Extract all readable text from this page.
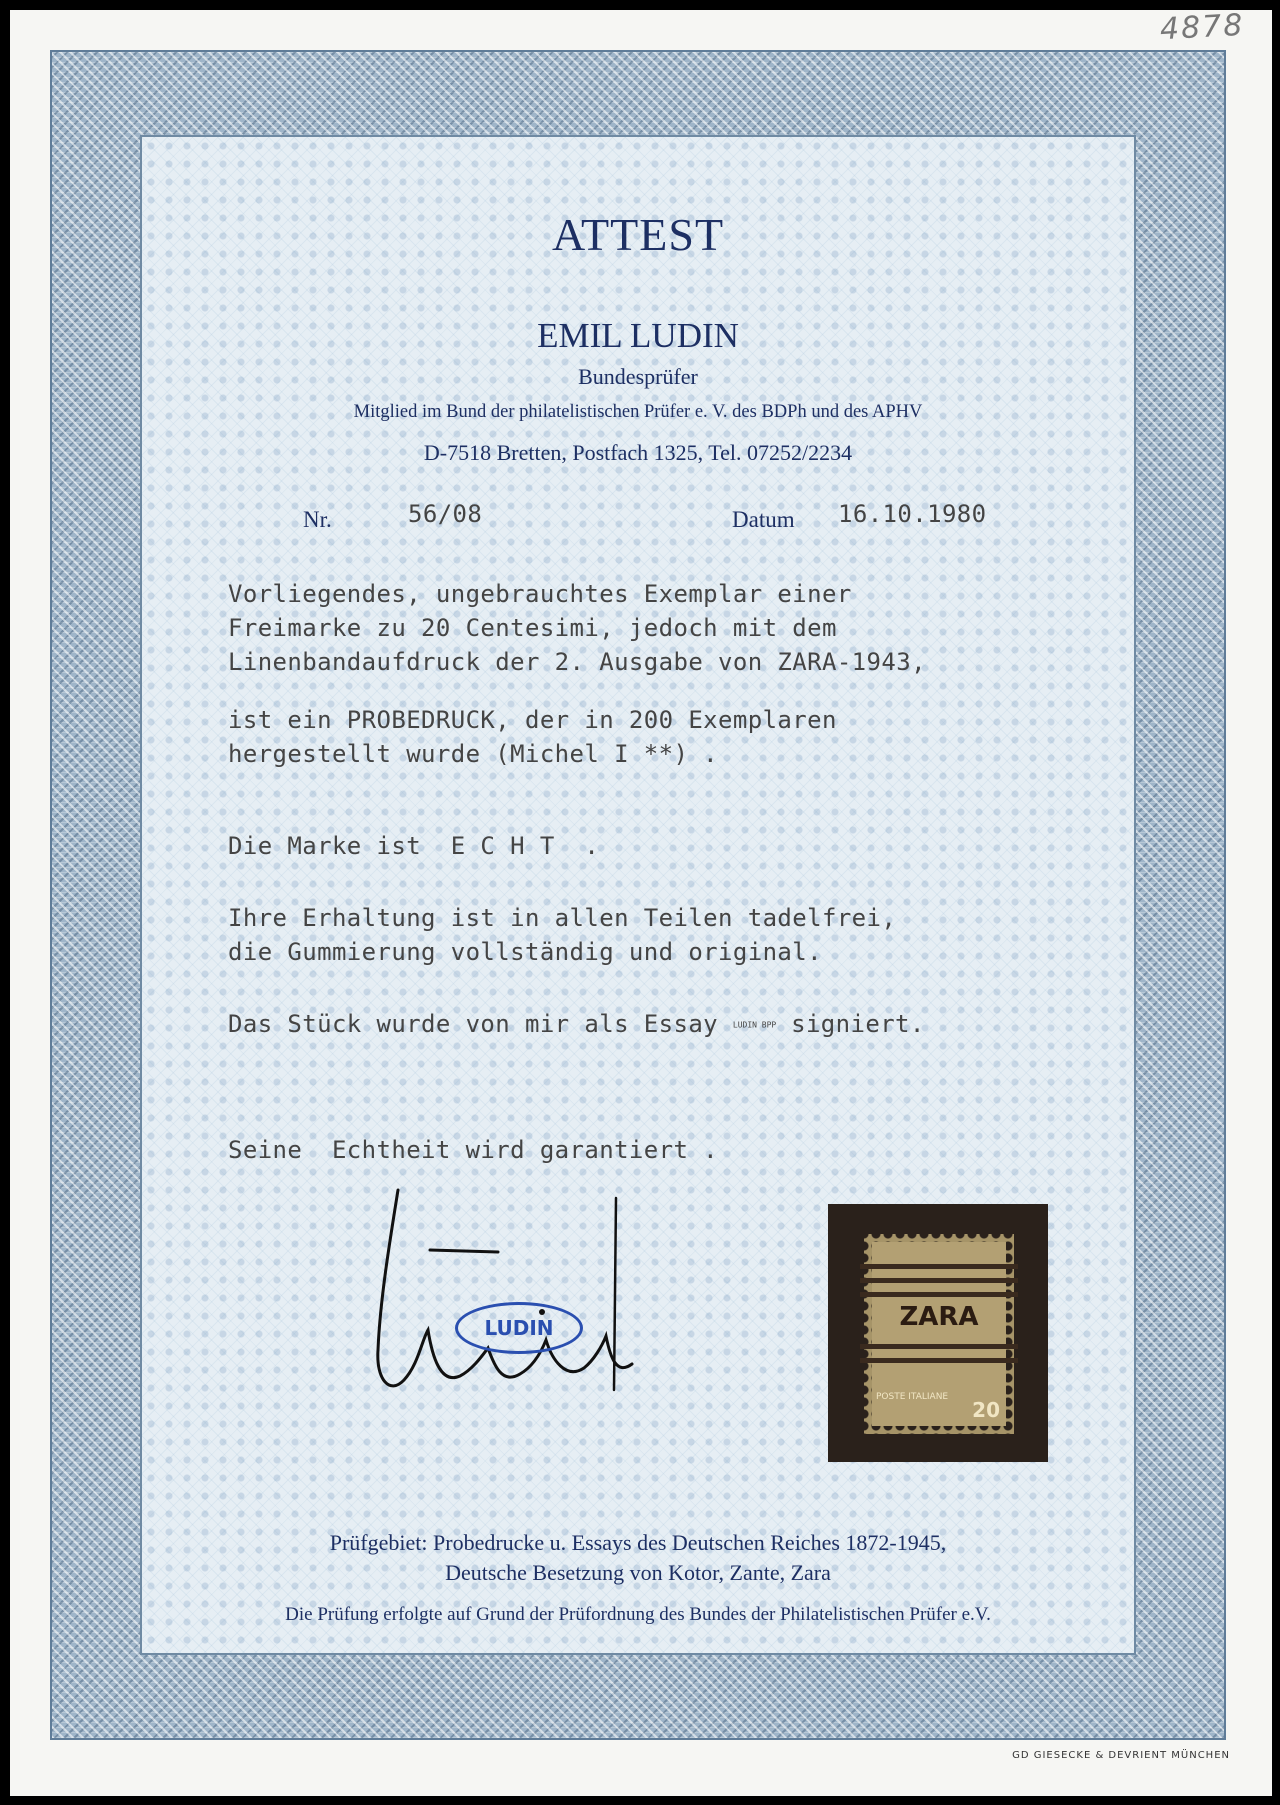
4878
ATTEST
EMIL LUDIN
Bundesprüfer
Mitglied im Bund der philatelistischen Prüfer e. V. des BDPh und des APHV
D-7518 Bretten, Postfach 1325, Tel. 07252/2234
Nr.	56/08	Datum 16.10.1980
Vorliegendes, ungebrauchtes Exemplar einer
Freimarke zu 20 Centesimi, jedoch mit dem
Linenbandaufdruck der 2. Ausgabe von ZARA-1943,
ist ein PROBEDRUCK, der in 200 Exemplaren
hergestellt wurde (Michel I **) .
Die Marke ist  E C H T  .
Ihre Erhaltung ist in allen Teilen tadelfrei,
die Gummierung vollständig und original.
Das Stück wurde von mir als Essay LUDIN BPP signiert.
Seine  Echtheit wird garantiert .
LUDIN	ZARA
POSTE ITALIANE
20
Prüfgebiet: Probedrucke u. Essays des Deutschen Reiches 1872-1945,
Deutsche Besetzung von Kotor, Zante, Zara
Die Prüfung erfolgte auf Grund der Prüfordnung des Bundes der Philatelistischen Prüfer e.V.
GD GIESECKE & DEVRIENT MÜNCHEN
